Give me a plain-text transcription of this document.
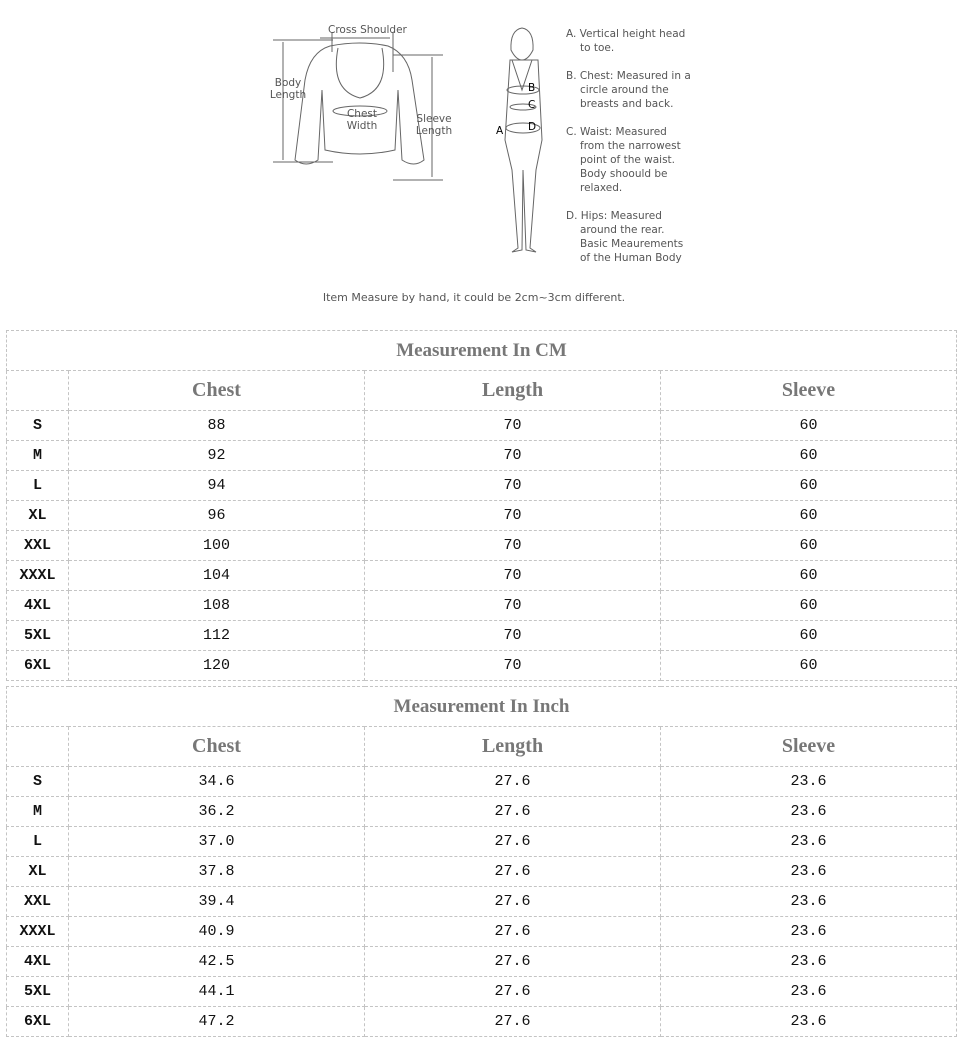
Cross Shoulder
Body Length
Chest Width
Sleeve Length	A
B
C
D
A. Vertical height head
to toe.
B. Chest: Measured in a
circle around the
breasts and back.
C. Waist: Measured
from the narrowest
point of the waist.
Body shoould be
relaxed.
D. Hips: Measured
around the rear.
Basic Meaurements
of the Human Body
Item Measure by hand, it could be 2cm~3cm different.
Measurement In CM			
	Chest	Length	Sleeve
S	88	70	60
M	92	70	60
L	94	70	60
XL	96	70	60
XXL	100	70	60
XXXL	104	70	60
4XL	108	70	60
5XL	112	70	60
6XL	120	70	60
Measurement In Inch			
	Chest	Length	Sleeve
S	34.6	27.6	23.6
M	36.2	27.6	23.6
L	37.0	27.6	23.6
XL	37.8	27.6	23.6
XXL	39.4	27.6	23.6
XXXL	40.9	27.6	23.6
4XL	42.5	27.6	23.6
5XL	44.1	27.6	23.6
6XL	47.2	27.6	23.6
